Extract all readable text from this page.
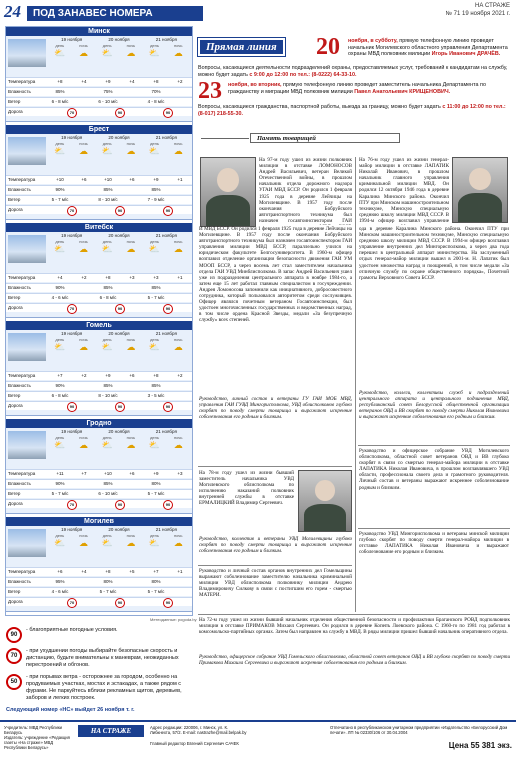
24	ПОД ЗАНАВЕС НОМЕРА
НА СТРАЖЕ
№ 71 19 ноября 2021 г.
Минск
19 ноября	20 ноября	21 ноября
день	ночь	день	ночь	день	ночь
⛅	☁	⛅	☁	⛅	☁
Температура	+8	+4	+9	+4	+8	+2
Влажность	85%	75%	70%
Ветер	6 - 8 м/с	6 - 10 м/с	4 - 8 м/с
Дорога	70	90	90
Брест
19 ноября	20 ноября	21 ноября
день	ночь	день	ночь	день	ночь
⛅	☁	⛅	☁	⛅	☁
Температура	+10	+6	+10	+6	+9	+1
Влажность	90%	85%	85%
Ветер	5 - 7 м/с	8 - 10 м/с	7 - 9 м/с
Дорога	70	90	90
Витебск
19 ноября	20 ноября	21 ноября
день	ночь	день	ночь	день	ночь
⛅	☁	⛅	☁	⛅	☁
Температура	+4	+2	+8	+3	+3	+1
Влажность	90%	85%	85%
Ветер	4 - 6 м/с	6 - 8 м/с	5 - 7 м/с
Дорога	70	90	90
Гомель
19 ноября	20 ноября	21 ноября
день	ночь	день	ночь	день	ночь
⛅	☁	⛅	☁	⛅	☁
Температура	+7	+2	+9	+6	+8	+2
Влажность	90%	85%	85%
Ветер	6 - 8 м/с	8 - 10 м/с	3 - 5 м/с
Дорога	90	90	90
Гродно
19 ноября	20 ноября	21 ноября
день	ночь	день	ночь	день	ночь
⛅	☁	⛅	☁	⛅	☁
Температура	+11	+7	+10	+6	+9	+3
Влажность	90%	85%	80%
Ветер	5 - 7 м/с	6 - 10 м/с	5 - 7 м/с
Дорога	70	90	90
Могилев
19 ноября	20 ноября	21 ноября
день	ночь	день	ночь	день	ночь
⛅	☁	⛅	☁	⛅	☁
Температура	+6	+4	+8	+5	+7	+1
Влажность	95%	80%	80%
Ветер	4 - 6 м/с	5 - 7 м/с	5 - 7 м/с
Дорога	70	90	90
Метеоданные: pogoda.by
90
- благоприятные погодные условия.
70
- при ухудшении погоды выбирайте безопасные скорость и дистанцию, будьте внимательны к маневрам, неожиданных перестроений и обгонов.
50
- при порывах ветра - осторожнее за городом, особенно на продуваемых участках, мостах и эстакадах, а также рядом с фурами. Не паркуйтесь вблизи рекламных щитов, деревьев, заборов и легких построек.
Следующий номер «НС» выйдет 26 ноября т. г.
Прямая линия	20 ноября, в субботу, прямую телефонную линию проведет начальник Могилевского областного управления Департамента охраны МВД полковник милиции Игорь Иванович ДРАЧЁВ.
Вопросы, касающиеся деятельности подразделений охраны, предоставляемых услуг, требований к кандидатам на службу, можно будет задать с 9:00 до 12:00 по тел.: (8-0222) 64-33-10.
23 ноября, во вторник, прямую телефонную линию проведет заместитель начальника Департамента по гражданству и миграции МВД полковник милиции Павел Анатольевич КРИЩЕНОВИЧ.
Вопросы, касающиеся гражданства, паспортной работы, выезда за границу, можно будет задать с 11:00 до 12:00 по тел.: (8-017) 218-55-30.
Память товарищей
На 97-м году ушел из жизни полковник милиции в отставке ЛОМОНОСОВ Андрей Васильевич, ветеран Великой Отечественной войны, в прошлом начальник отдела дорожного надзора УГАИ МВД БССР. Он родился 1 февраля 1925 года в деревне Лейчицы на Могилевщине. В 1957 году после окончания Бобруйского автотранспортного техникума был назначен госавтоинспектором ГАИ
И МВД БССР. Он родился 1 февраля 1925 года в деревне Лейчицы на Могилевщине. В 1957 году после окончания Бобруйского автотранспортного техникума был назначен госавтоинспектором ГАИ управления милиции МВД БССР, параллельно учился на юридическом факультете Белгосуниверситета. В 1960-м офицер возглавил отделение организации безопасности движения ГАИ УМ МООП БССР, а через восемь лет стал заместителем начальника отдела ГАИ УВД Минблисполкома. В запас Андрей Васильевич ушел уже из подразделения центрального аппарата в ноябре 1984-го, а затем еще 15 лет работал главным специалистом в госучреждении. Андрея Ломоносова запомнили как инициативного, добросовестного сотрудника, который пользовался авторитетом среди сослуживцев. Офицер являлся почетным ветераном Госавтоинспекции, был удостоен многочисленных государственных и ведомственных наград, в том числе ордена Красной Звезды, медали «За безупречную службу» всех степеней.
Руководство, личный состав и ветераны ГУ ГАИ МОБ МВД, управления ГАИ ГУВД Мингорисполкома, УВД облисполкомов глубоко скорбят по поводу смерти товарища и выражают искренние соболезнования его родным и близким.
На 78-м году ушел из жизни бывший заместитель начальника УВД Могилевского облисполкома по исполнению наказаний полковник внутренней службы в отставке ЕРМАЛИЦКИЙ Владимир Сергеевич.
Руководство, коллектив и ветераны УВД Могилевщины глубоко скорбят по поводу смерти товарища и выражают искренние соболезнования его родным и близким.
Руководство и личный состав органов внутренних дел Гомельщины выражают соболезнование заместителю начальника криминальной милиции УВД облисполкома полковнику милиции Андрею Владимировичу Силкову в связи с постигшим его горем - смертью МАТЕРИ.
На 76-м году ушел из жизни генерал-майор милиции в отставке ЛАПАТИК Николай Иванович, в прошлом начальник главного управления криминальной милиции МВД. Он родился 12 октября 1946 года в деревне Каралина Минского района. Окончил ПТУ при Минском машиностроительном техникуме, Минскую специальную среднюю школу милиции МВД СССР. В 1994-м офицер возглавил управление
ода в деревне Каралина Минского района. Окончил ПТУ при Минском машиностроительном техникуме, Минскую специальную среднюю школу милиции МВД СССР. В 1994-м офицер возглавил управление внутренних дел Мингорисполкома, а через два года перешел в центральный аппарат министерства. На заслуженный отдых генерал-майор милиции вышел в 2001-м. Н. Лапатик был удостоен множества наград и поощрений, в том числе медали «За отличную службу по охране общественного порядка», Почетной грамоты Верховного Совета БССР.
Руководство, коллеги, коллективы служб и подразделений центрального аппарата и центрального подчинения МВД, республиканский совет Белорусской общественной организации ветеранов ОВД и ВВ скорбят по поводу смерти Николая Ивановича и выражают искренние соболезнования его родным и близким.
Руководство и офицерское собрание УВД Могилевского облисполкома, областной совет ветеранов ОВД и ВВ глубоко скорбят в связи со смертью генерал-майора милиции в отставке ЛАПАТИКА Николая Ивановича, в прошлом возглавлявшего УВД области, профессионала своего дела и грамотного руководителя. Личный состав и ветераны выражают искреннее соболезнование родным и близким.
Руководство УВД Мингорисполкома и ветераны минской милиции глубоко скорбят по поводу смерти генерал-майора милиции в отставке ЛАПАТИКА Николая Ивановича и выражают соболезнование его родным и близким.
На 72-м году ушел из жизни бывший начальник отделения общественной безопасности и профилактики Браганского РОВД подполковник милиции в отставке ПРИМАКОВ Михаил Сергеевич. Он родился в деревне Копепъ Лоевского района. С 1960-го по 1981 год работал в комсомольско-партийных органах. Затем был направлен на службу в МВД. В ряды милиции пришел бывший начальник оперативного отдела.
Руководство, офицерское собрание УВД Гомельского облисполкома, областной совет ветеранов ОВД и ВВ глубоко скорбят по поводу смерти Примакова Михаила Сергеевича и выражают искренние соболезнования его родным и близким.
Учредитель: МВД Республики Беларусь
Издатель: учреждение «Редакция газеты «На страже» МВД Республики Беларусь»
НА СТРАЖЕ	Адрес редакции: 220006, г. Минск, ул. К. Либкнехта, 57/2. E-mail: nastrazhe@mail.belpak.by
Главный редактор Евгений Сергеевич САЧЕК
Отпечатано в республиканском унитарном предприятии «Издательство «Белорусский Дом печати». ЛП № 02330/106 от 30.04.2004
Цена 55 381 экз.
